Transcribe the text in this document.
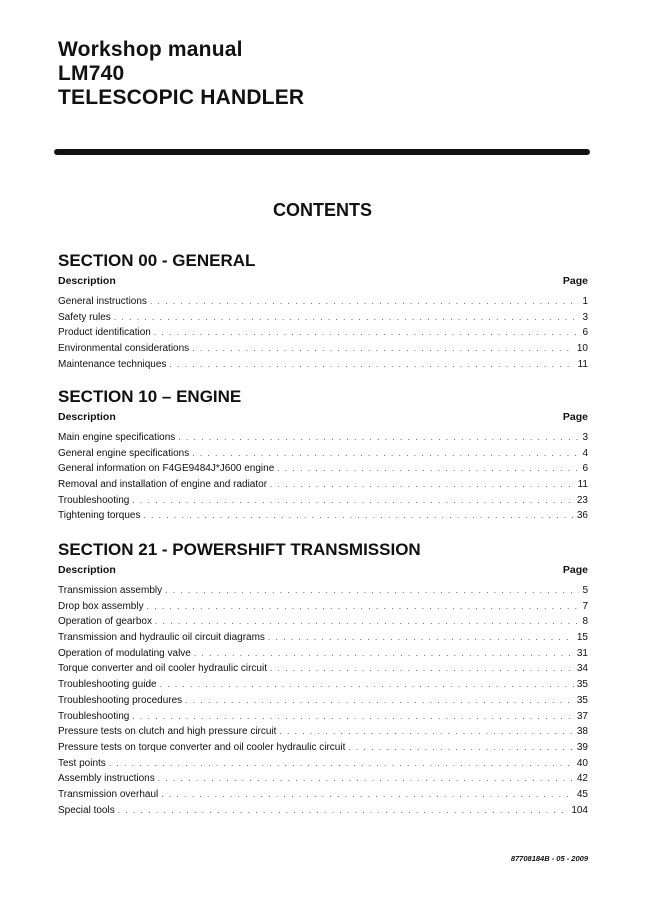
Workshop manual
LM740
TELESCOPIC HANDLER
CONTENTS
SECTION 00 - GENERAL
Description	Page
General instructions . . .	1
Safety rules . . .	3
Product identification . . .	6
Environmental considerations . . .	10
Maintenance techniques . . .	11
SECTION 10 – ENGINE
Description	Page
Main engine specifications . . .	3
General engine specifications . . .	4
General information on F4GE9484J*J600 engine . . .	6
Removal and installation of engine and radiator . . .	11
Troubleshooting . . .	23
Tightening torques . . .	36
SECTION 21 - POWERSHIFT TRANSMISSION
Description	Page
Transmission assembly . . .	5
Drop box assembly . . .	7
Operation of gearbox . . .	8
Transmission and hydraulic oil circuit diagrams . . .	15
Operation of modulating valve . . .	31
Torque converter and oil cooler hydraulic circuit . . .	34
Troubleshooting guide . . .	35
Troubleshooting procedures . . .	35
Troubleshooting . . .	37
Pressure tests on clutch and high pressure circuit . . .	38
Pressure tests on torque converter and oil cooler hydraulic circuit . . .	39
Test points . . .	40
Assembly instructions . . .	42
Transmission overhaul . . .	45
Special tools . . .	104
87708184B - 05 - 2009
